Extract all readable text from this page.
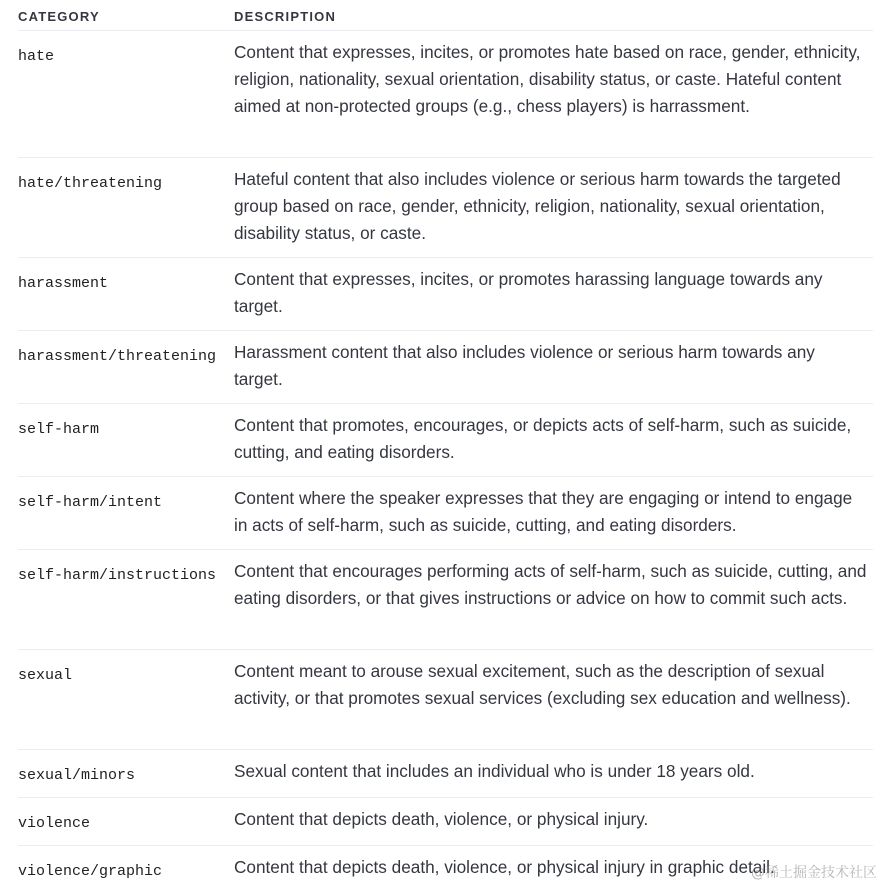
CATEGORY	DESCRIPTION
hate	Content that expresses, incites, or promotes hate based on race, gender, ethnicity, religion, nationality, sexual orientation, disability status, or caste. Hateful content aimed at non-protected groups (e.g., chess players) is harrassment.
hate/threatening	Hateful content that also includes violence or serious harm towards the targeted group based on race, gender, ethnicity, religion, nationality, sexual orientation, disability status, or caste.
harassment	Content that expresses, incites, or promotes harassing language towards any target.
harassment/threatening	Harassment content that also includes violence or serious harm towards any target.
self-harm	Content that promotes, encourages, or depicts acts of self-harm, such as suicide, cutting, and eating disorders.
self-harm/intent	Content where the speaker expresses that they are engaging or intend to engage in acts of self-harm, such as suicide, cutting, and eating disorders.
self-harm/instructions	Content that encourages performing acts of self-harm, such as suicide, cutting, and eating disorders, or that gives instructions or advice on how to commit such acts.
sexual	Content meant to arouse sexual excitement, such as the description of sexual activity, or that promotes sexual services (excluding sex education and wellness).
sexual/minors	Sexual content that includes an individual who is under 18 years old.
violence	Content that depicts death, violence, or physical injury.
violence/graphic	Content that depicts death, violence, or physical injury in graphic detail.
@稀土掘金技术社区
